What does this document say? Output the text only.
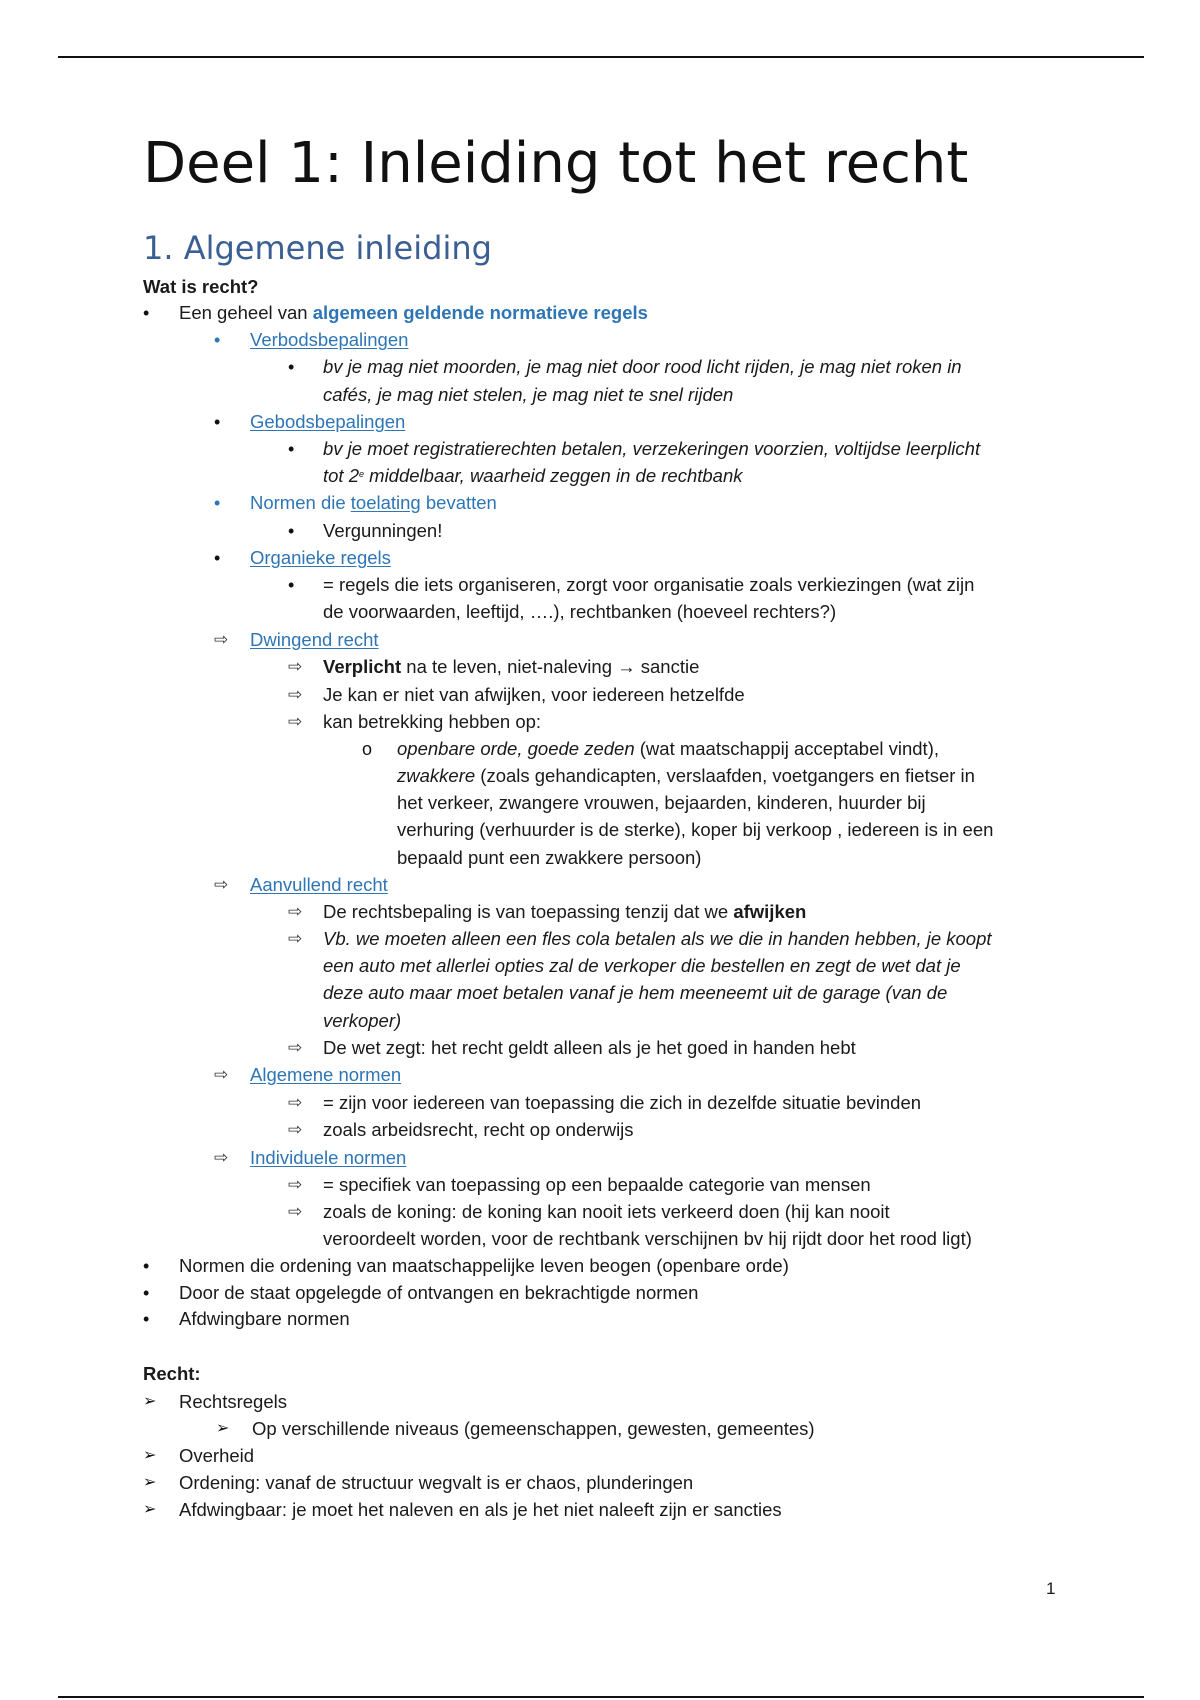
Deel 1: Inleiding tot het recht
1. Algemene inleiding
Wat is recht?
• Een geheel van algemeen geldende normatieve regels
• Verbodsbepalingen
• bv je mag niet moorden, je mag niet door rood licht rijden, je mag niet roken in
cafés, je mag niet stelen, je mag niet te snel rijden
• Gebodsbepalingen
• bv je moet registratierechten betalen, verzekeringen voorzien, voltijdse leerplicht
tot 2e middelbaar, waarheid zeggen in de rechtbank
• Normen die toelating bevatten
• Vergunningen!
• Organieke regels
• = regels die iets organiseren, zorgt voor organisatie zoals verkiezingen (wat zijn
de voorwaarden, leeftijd, ….), rechtbanken (hoeveel rechters?)
⇨ Dwingend recht
⇨ Verplicht na te leven, niet-naleving → sanctie
⇨ Je kan er niet van afwijken, voor iedereen hetzelfde
⇨ kan betrekking hebben op:
o openbare orde, goede zeden (wat maatschappij acceptabel vindt),
zwakkere (zoals gehandicapten, verslaafden, voetgangers en fietser in
het verkeer, zwangere vrouwen, bejaarden, kinderen, huurder bij
verhuring (verhuurder is de sterke), koper bij verkoop , iedereen is in een
bepaald punt een zwakkere persoon)
⇨ Aanvullend recht
⇨ De rechtsbepaling is van toepassing tenzij dat we afwijken
⇨ Vb. we moeten alleen een fles cola betalen als we die in handen hebben, je koopt
een auto met allerlei opties zal de verkoper die bestellen en zegt de wet dat je
deze auto maar moet betalen vanaf je hem meeneemt uit de garage (van de
verkoper)
⇨ De wet zegt: het recht geldt alleen als je het goed in handen hebt
⇨ Algemene normen
⇨ = zijn voor iedereen van toepassing die zich in dezelfde situatie bevinden
⇨ zoals arbeidsrecht, recht op onderwijs
⇨ Individuele normen
⇨ = specifiek van toepassing op een bepaalde categorie van mensen
⇨ zoals de koning: de koning kan nooit iets verkeerd doen (hij kan nooit
veroordeelt worden, voor de rechtbank verschijnen bv hij rijdt door het rood ligt)
• Normen die ordening van maatschappelijke leven beogen (openbare orde)
• Door de staat opgelegde of ontvangen en bekrachtigde normen
• Afdwingbare normen
Recht:
➢ Rechtsregels
➢ Op verschillende niveaus (gemeenschappen, gewesten, gemeentes)
➢ Overheid
➢ Ordening: vanaf de structuur wegvalt is er chaos, plunderingen
➢ Afdwingbaar: je moet het naleven en als je het niet naleeft zijn er sancties
1
